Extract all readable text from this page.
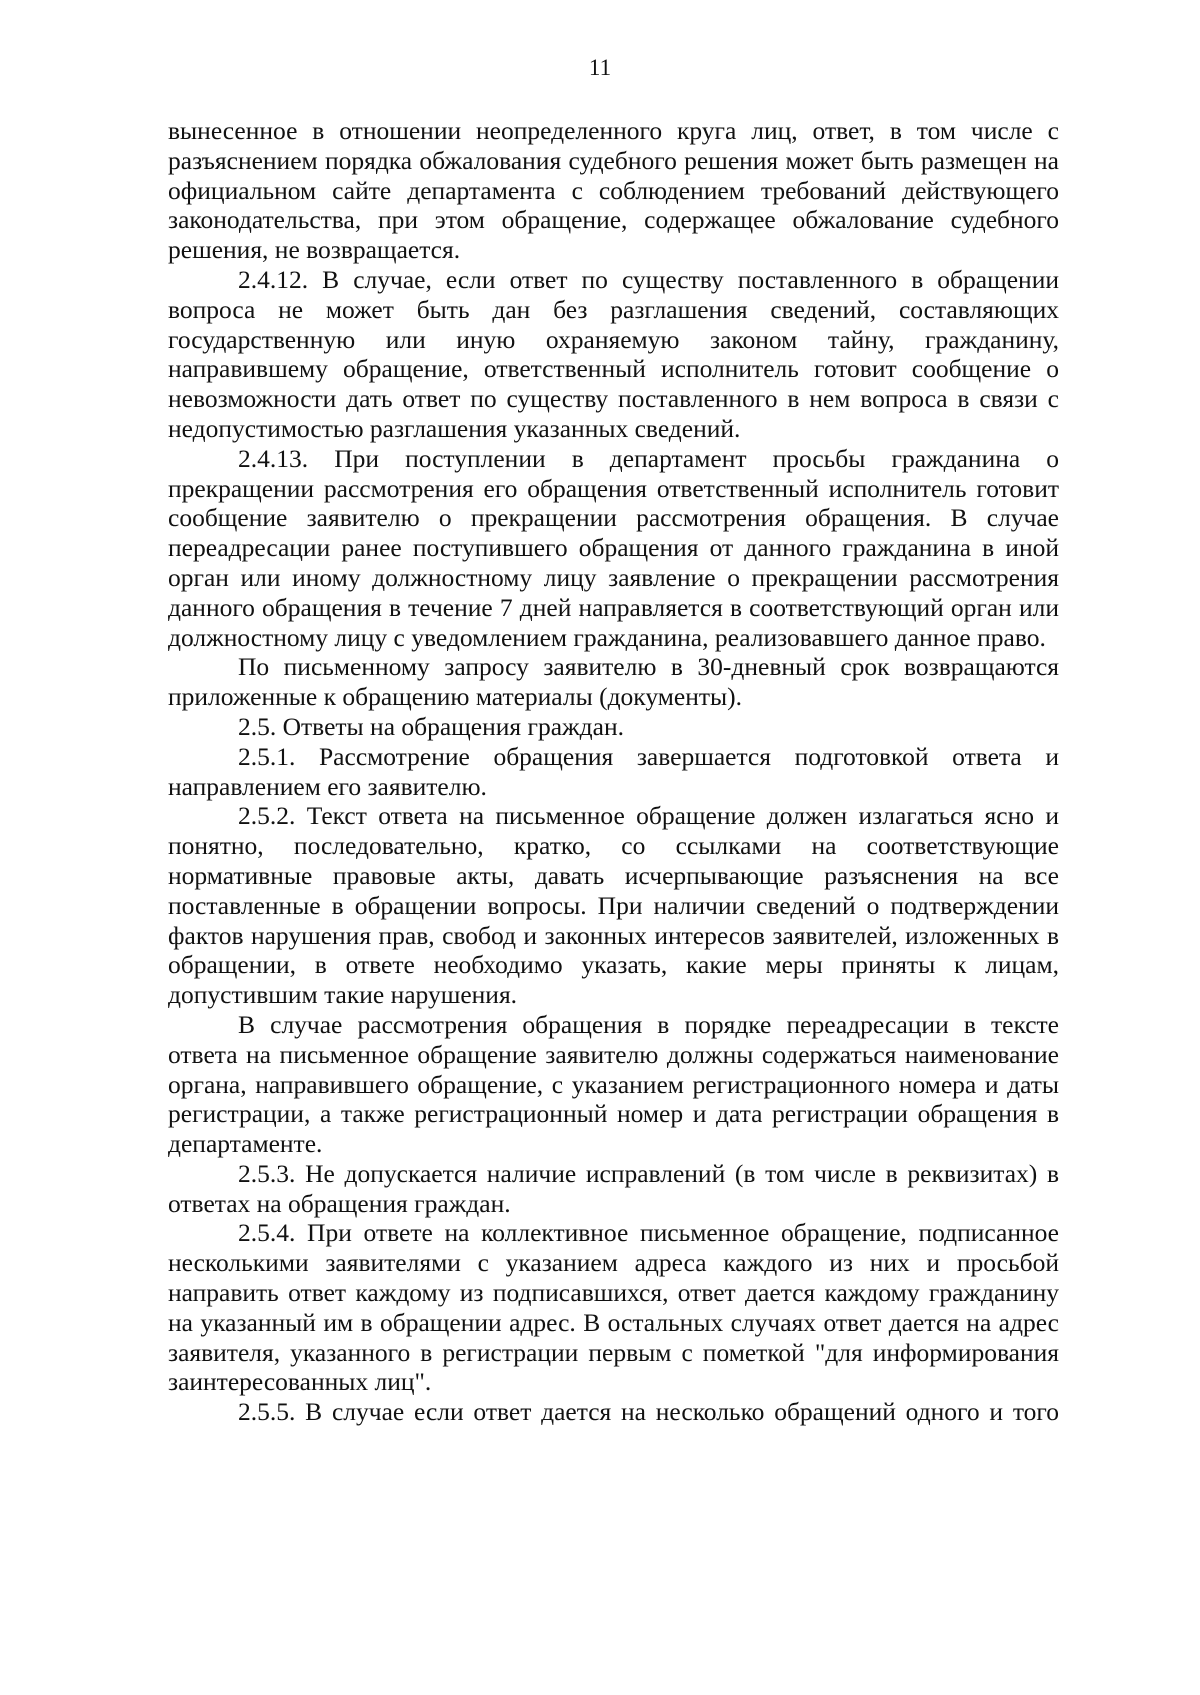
11

вынесенное в отношении неопределенного круга лиц, ответ, в том числе с разъяснением порядка обжалования судебного решения может быть размещен на официальном сайте департамента с соблюдением требований действующего законодательства, при этом обращение, содержащее обжалование судебного решения, не возвращается.

2.4.12. В случае, если ответ по существу поставленного в обращении вопроса не может быть дан без разглашения сведений, составляющих государственную или иную охраняемую законом тайну, гражданину, направившему обращение, ответственный исполнитель готовит сообщение о невозможности дать ответ по существу поставленного в нем вопроса в связи с недопустимостью разглашения указанных сведений.

2.4.13. При поступлении в департамент просьбы гражданина о прекращении рассмотрения его обращения ответственный исполнитель готовит сообщение заявителю о прекращении рассмотрения обращения. В случае переадресации ранее поступившего обращения от данного гражданина в иной орган или иному должностному лицу заявление о прекращении рассмотрения данного обращения в течение 7 дней направляется в соответствующий орган или должностному лицу с уведомлением гражданина, реализовавшего данное право.

По письменному запросу заявителю в 30-дневный срок возвращаются приложенные к обращению материалы (документы).

2.5. Ответы на обращения граждан.

2.5.1. Рассмотрение обращения завершается подготовкой ответа и направлением его заявителю.

2.5.2. Текст ответа на письменное обращение должен излагаться ясно и понятно, последовательно, кратко, со ссылками на соответствующие нормативные правовые акты, давать исчерпывающие разъяснения на все поставленные в обращении вопросы. При наличии сведений о подтверждении фактов нарушения прав, свобод и законных интересов заявителей, изложенных в обращении, в ответе необходимо указать, какие меры приняты к лицам, допустившим такие нарушения.

В случае рассмотрения обращения в порядке переадресации в тексте ответа на письменное обращение заявителю должны содержаться наименование органа, направившего обращение, с указанием регистрационного номера и даты регистрации, а также регистрационный номер и дата регистрации обращения в департаменте.

2.5.3. Не допускается наличие исправлений (в том числе в реквизитах) в ответах на обращения граждан.

2.5.4. При ответе на коллективное письменное обращение, подписанное несколькими заявителями с указанием адреса каждого из них и просьбой направить ответ каждому из подписавшихся, ответ дается каждому гражданину на указанный им в обращении адрес. В остальных случаях ответ дается на адрес заявителя, указанного в регистрации первым с пометкой "для информирования заинтересованных лиц".

2.5.5. В случае если ответ дается на несколько обращений одного и того
